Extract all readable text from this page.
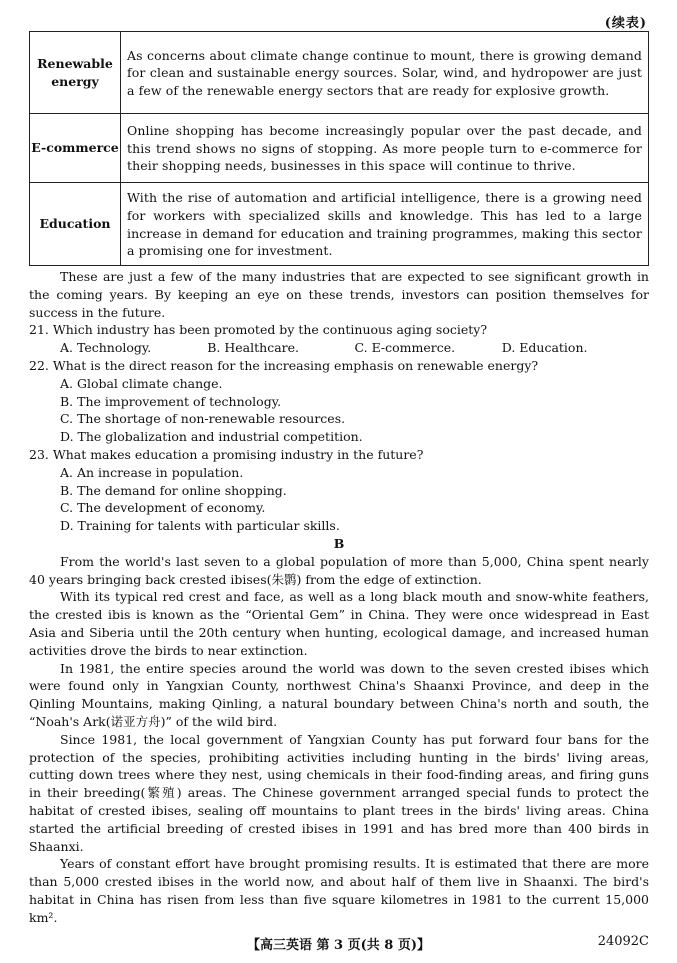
(续表)
Renewable energy	As concerns about climate change continue to mount, there is growing demand for clean and sustainable energy sources. Solar, wind, and hydropower are just a few of the renewable energy sectors that are ready for explosive growth.
E-commerce	Online shopping has become increasingly popular over the past decade, and this trend shows no signs of stopping. As more people turn to e-commerce for their shopping needs, businesses in this space will continue to thrive.
Education	With the rise of automation and artificial intelligence, there is a growing need for workers with specialized skills and knowledge. This has led to a large increase in demand for education and training programmes, making this sector a promising one for investment.

These are just a few of the many industries that are expected to see significant growth in the coming years. By keeping an eye on these trends, investors can position themselves for success in the future.

21. Which industry has been promoted by the continuous aging society?

A. Technology.	B. Healthcare.	C. E-commerce.	D. Education.

22. What is the direct reason for the increasing emphasis on renewable energy?

A. Global climate change.

B. The improvement of technology.

C. The shortage of non-renewable resources.

D. The globalization and industrial competition.

23. What makes education a promising industry in the future?

A. An increase in population.

B. The demand for online shopping.

C. The development of economy.

D. Training for talents with particular skills.

B

From the world's last seven to a global population of more than 5,000, China spent nearly 40 years bringing back crested ibises(朱鹮) from the edge of extinction.

With its typical red crest and face, as well as a long black mouth and snow-white feathers, the crested ibis is known as the “Oriental Gem” in China. They were once widespread in East Asia and Siberia until the 20th century when hunting, ecological damage, and increased human activities drove the birds to near extinction.

In 1981, the entire species around the world was down to the seven crested ibises which were found only in Yangxian County, northwest China's Shaanxi Province, and deep in the Qinling Mountains, making Qinling, a natural boundary between China's north and south, the “Noah's Ark(诺亚方舟)” of the wild bird.

Since 1981, the local government of Yangxian County has put forward four bans for the protection of the species, prohibiting activities including hunting in the birds' living areas, cutting down trees where they nest, using chemicals in their food-finding areas, and firing guns in their breeding(繁殖) areas. The Chinese government arranged special funds to protect the habitat of crested ibises, sealing off mountains to plant trees in the birds' living areas. China started the artificial breeding of crested ibises in 1991 and has bred more than 400 birds in Shaanxi.

Years of constant effort have brought promising results. It is estimated that there are more than 5,000 crested ibises in the world now, and about half of them live in Shaanxi. The bird's habitat in China has risen from less than five square kilometres in 1981 to the current 15,000 km².

【高三英语 第 3 页(共 8 页)】	24092C
